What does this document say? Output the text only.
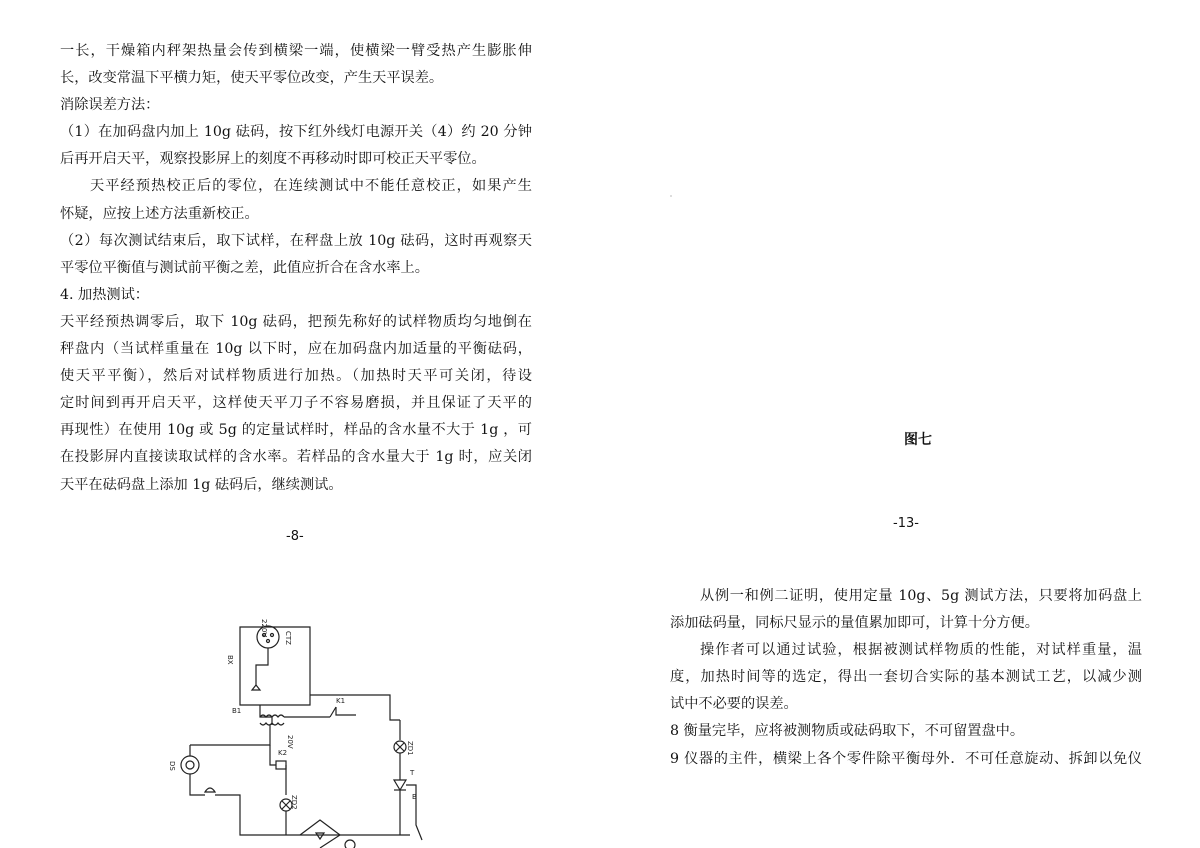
一长，干燥箱内秤架热量会传到横梁一端，使横梁一臂受热产生膨胀伸
长，改变常温下平横力矩，使天平零位改变，产生天平误差。
消除误差方法：
（1）在加码盘内加上 10g 砝码，按下红外线灯电源开关（4）约 20 分钟
后再开启天平，观察投影屏上的刻度不再移动时即可校正天平零位。
天平经预热校正后的零位，在连续测试中不能任意校正，如果产生
怀疑，应按上述方法重新校正。
（2）每次测试结束后，取下试样，在秤盘上放 10g 砝码，这时再观察天
平零位平衡值与测试前平衡之差，此值应折合在含水率上。
4. 加热测试：
天平经预热调零后，取下 10g 砝码，把预先称好的试样物质均匀地倒在
秤盘内（当试样重量在 10g 以下时，应在加码盘内加适量的平衡砝码，
使天平平衡），然后对试样物质进行加热。（加热时天平可关闭，待设
定时间到再开启天平，这样使天平刀子不容易磨损，并且保证了天平的
再现性）在使用 10g 或 5g 的定量试样时，样品的含水量不大于 1g ，可
在投影屏内直接读取试样的含水率。若样品的含水量大于 1g 时，应关闭
天平在砝码盘上添加 1g 砝码后，继续测试。
-8-
图七
-13-
从例一和例二证明，使用定量 10g、5g 测试方法，只要将加码盘上
添加砝码量，同标尺显示的量值累加即可，计算十分方便。
操作者可以通过试验，根据被测试样物质的性能，对试样重量，温
度，加热时间等的选定，得出一套切合实际的基本测试工艺，以减少测
试中不必要的误差。
8 衡量完毕，应将被测物质或砝码取下，不可留置盘中。
9 仪器的主件，横梁上各个零件除平衡母外．不可任意旋动、拆卸以免仪
220V
CTZ
BX
B1
K1
20V	ZD1
ZD2
T
B
K2
DS
